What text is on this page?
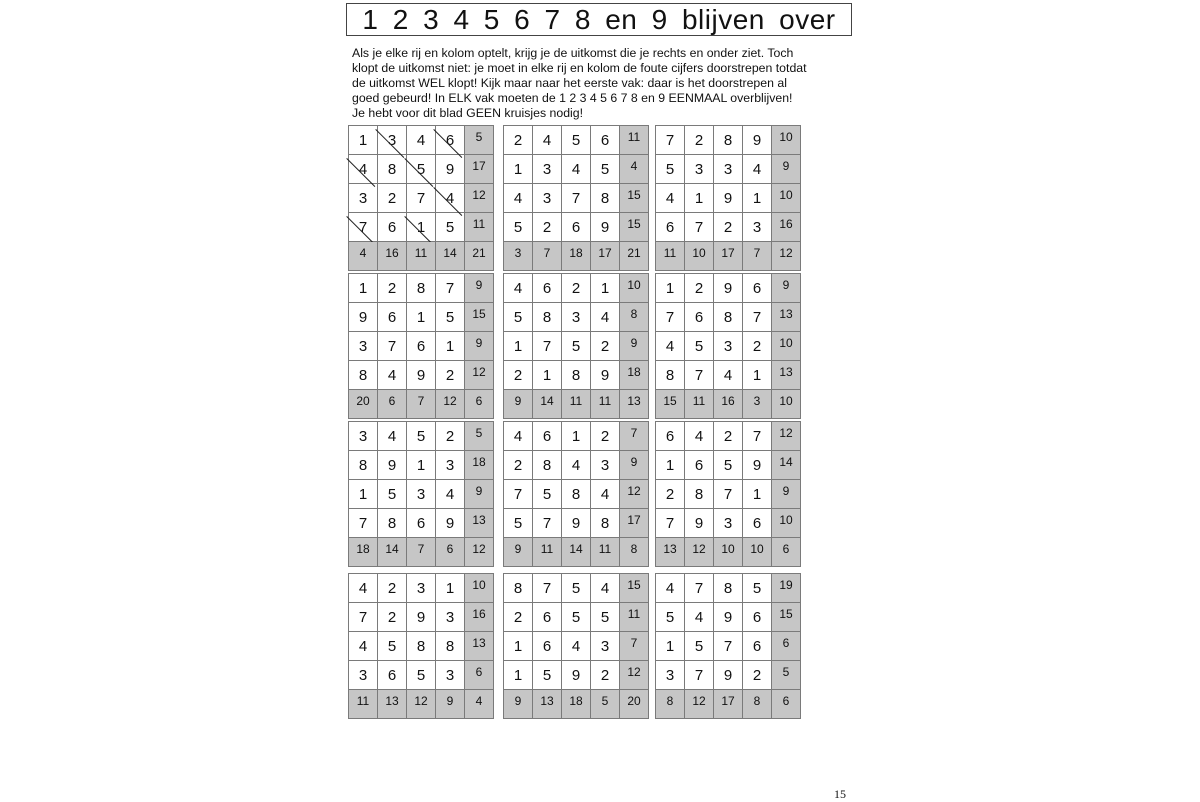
1 2 3 4 5 6 7 8 en 9 blijven over
Als je elke rij en kolom optelt, krijg je de uitkomst die je rechts en onder ziet. Toch
klopt de uitkomst niet: je moet in elke rij en kolom de foute cijfers doorstrepen totdat
de uitkomst WEL klopt! Kijk maar naar het eerste vak: daar is het doorstrepen al
goed gebeurd! In ELK vak moeten de 1 2 3 4 5 6 7 8 en 9 EENMAAL overblijven!
Je hebt voor dit blad GEEN kruisjes nodig!
1	3	4	6	5
4	8	5	9	17
3	2	7	4	12
7	6	1	5	11
4	16	11	14	21
2	4	5	6	11
1	3	4	5	4
4	3	7	8	15
5	2	6	9	15
3	7	18	17	21
7	2	8	9	10
5	3	3	4	9
4	1	9	1	10
6	7	2	3	16
11	10	17	7	12
1	2	8	7	9
9	6	1	5	15
3	7	6	1	9
8	4	9	2	12
20	6	7	12	6
4	6	2	1	10
5	8	3	4	8
1	7	5	2	9
2	1	8	9	18
9	14	11	11	13
1	2	9	6	9
7	6	8	7	13
4	5	3	2	10
8	7	4	1	13
15	11	16	3	10
3	4	5	2	5
8	9	1	3	18
1	5	3	4	9
7	8	6	9	13
18	14	7	6	12
4	6	1	2	7
2	8	4	3	9
7	5	8	4	12
5	7	9	8	17
9	11	14	11	8
6	4	2	7	12
1	6	5	9	14
2	8	7	1	9
7	9	3	6	10
13	12	10	10	6
4	2	3	1	10
7	2	9	3	16
4	5	8	8	13
3	6	5	3	6
11	13	12	9	4
8	7	5	4	15
2	6	5	5	11
1	6	4	3	7
1	5	9	2	12
9	13	18	5	20
4	7	8	5	19
5	4	9	6	15
1	5	7	6	6
3	7	9	2	5
8	12	17	8	6
15
